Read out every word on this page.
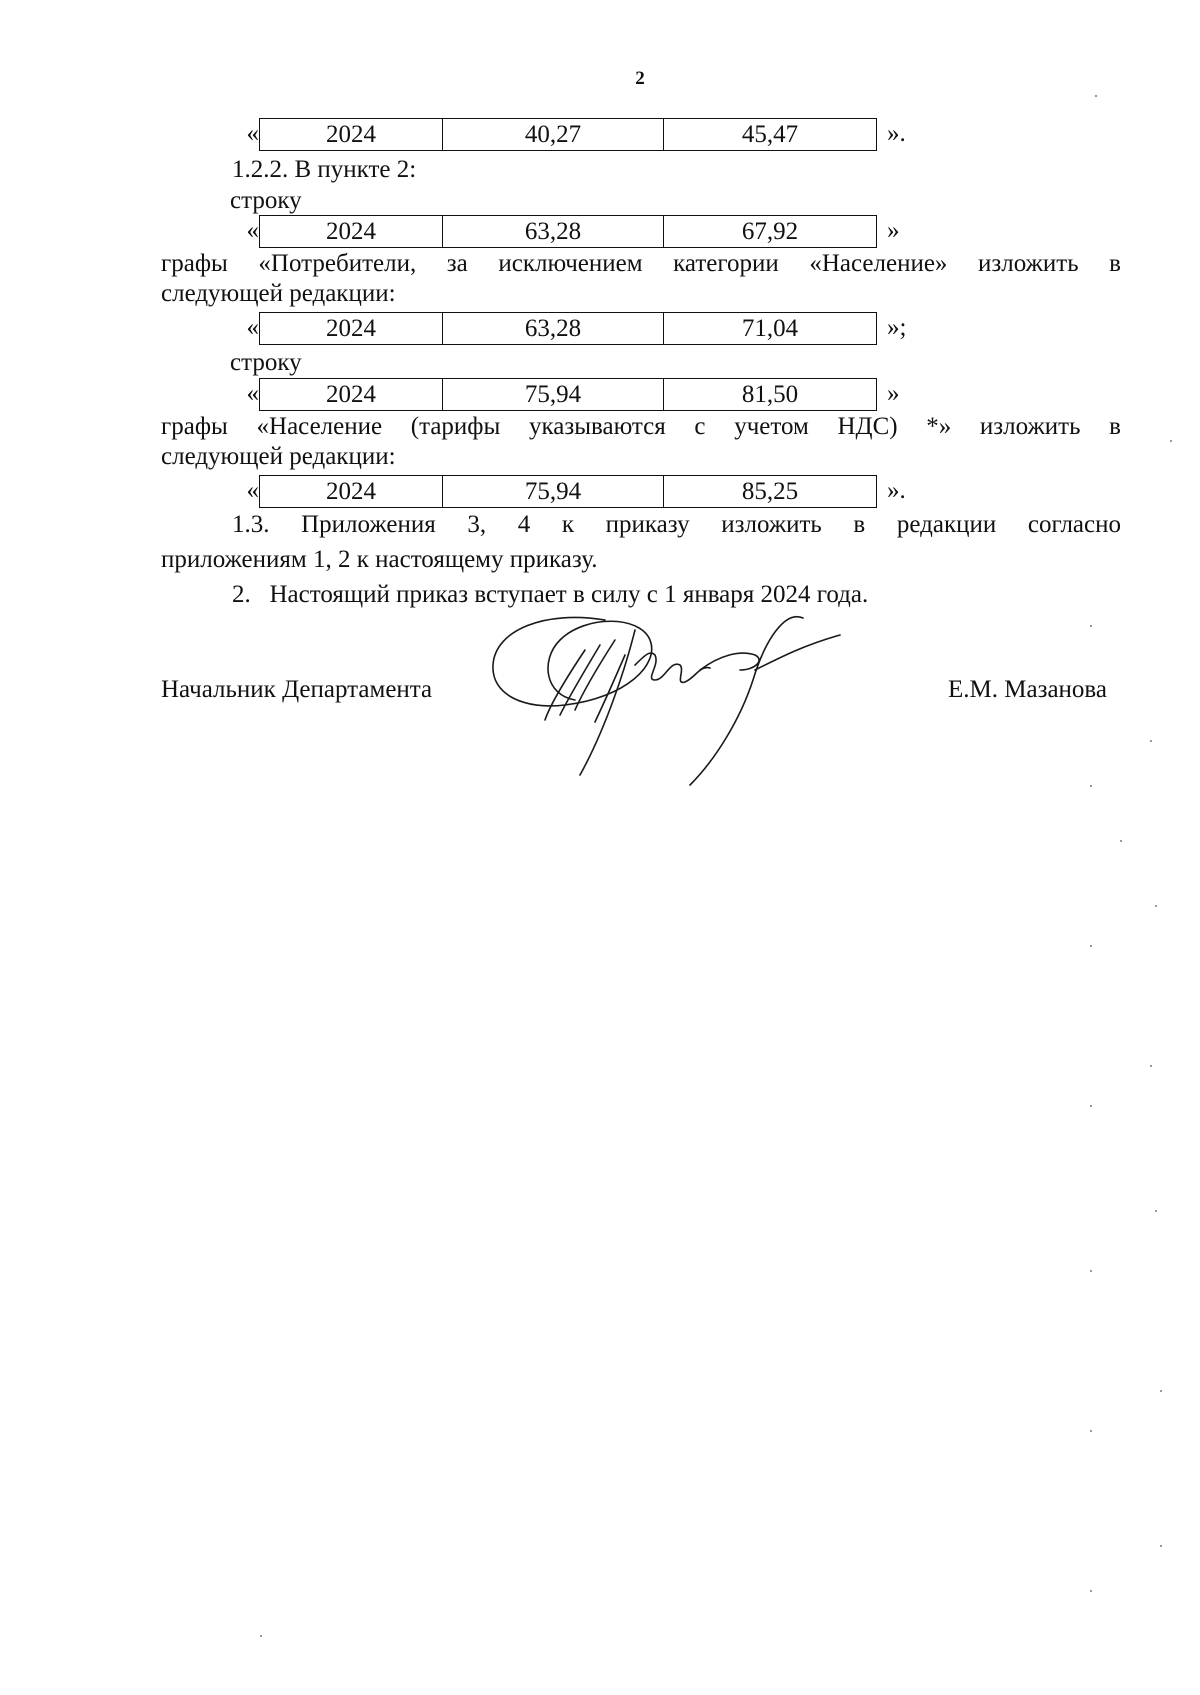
2
«	2024	40,27	45,47	».
1.2.2. В пункте 2:
строку
«	2024	63,28	67,92	»
графы «Потребители, за исключением категории «Население» изложить в
следующей редакции:
«	2024	63,28	71,04	»;
строку
«	2024	75,94	81,50	»
графы «Население (тарифы указываются с учетом НДС) *» изложить в
следующей редакции:
«	2024	75,94	85,25	».
1.3. Приложения 3, 4 к приказу изложить в редакции согласно
приложениям 1, 2 к настоящему приказу.
2.   Настоящий приказ вступает в силу с 1 января 2024 года.
Начальник Департамента	Е.М. Мазанова
